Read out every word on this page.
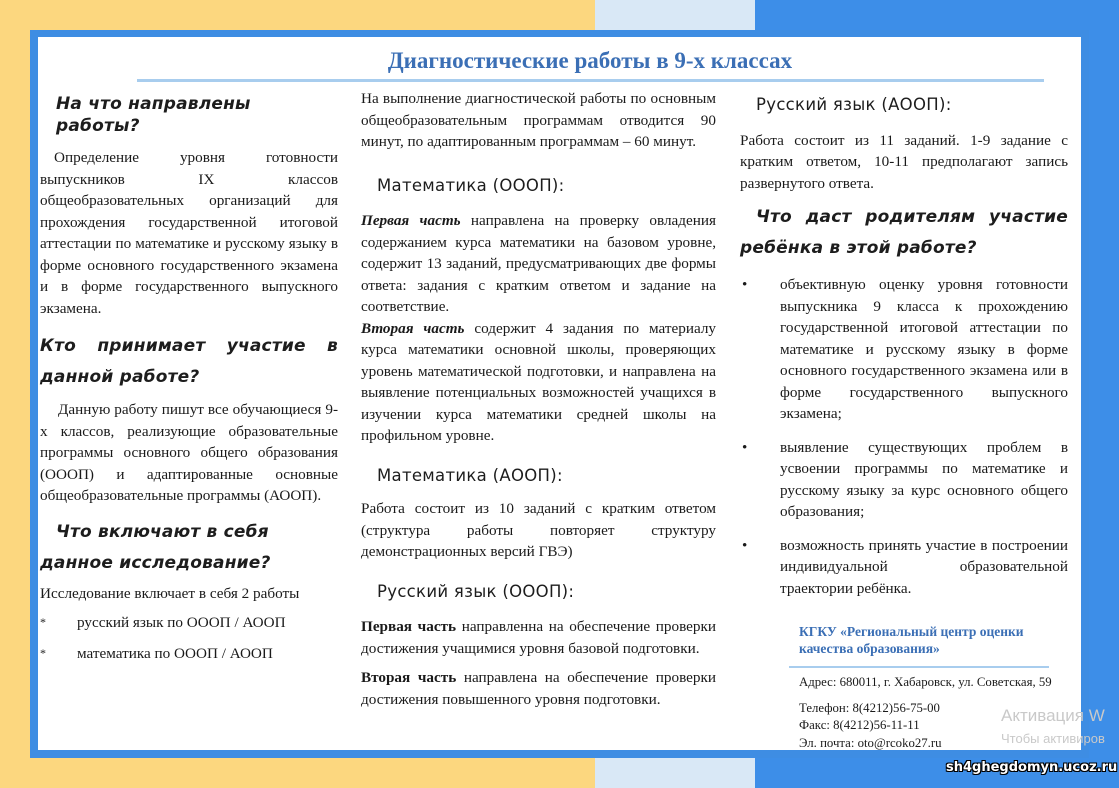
Диагностические работы в 9-х классах
На что направлены работы?

Определение уровня готовности выпускников IX классов общеобразовательных организаций для прохождения государственной итоговой аттестации по математике и русскому языку в форме основного государственного экзамена и в форме государственного выпускного экзамена.

Кто принимает участие в данной работе?

Данную работу пишут все обучающиеся 9-х классов, реализующие образовательные программы основного общего образования (ОООП) и адаптированные основные общеобразовательные программы (АООП).

Что включают в себя данное исследование?

Исследование включает в себя 2 работы

* русский язык по ОООП / АООП
* математика по ОООП / АООП

На выполнение диагностической работы по основным общеобразовательным программам отводится 90 минут, по адаптированным программам – 60 минут.

Математика (ОООП):

Первая часть направлена на проверку овладения содержанием курса математики на базовом уровне, содержит 13 заданий, предусматривающих две формы ответа: задания с кратким ответом и задание на соответствие.

Вторая часть содержит 4 задания по материалу курса математики основной школы, проверяющих уровень математической подготовки, и направлена на выявление потенциальных возможностей учащихся в изучении курса математики средней школы на профильном уровне.

Математика (АООП):

Работа состоит из 10 заданий с кратким ответом (структура работы повторяет структуру демонстрационных версий ГВЭ)

Русский язык (ОООП):

Первая часть направленна на обеспечение проверки достижения учащимися уровня базовой подготовки.

Вторая часть направлена на обеспечение проверки достижения повышенного уровня подготовки.

Русский язык (АООП):

Работа состоит из 11 заданий. 1-9 задание с кратким ответом, 10-11 предполагают запись развернутого ответа.

Что даст родителям участие ребёнка в этой работе?
• объективную оценку уровня готовности выпускника 9 класса к прохождению государственной итоговой аттестации по математике и русскому языку в форме основного государственного экзамена или в форме государственного выпускного экзамена;
• выявление существующих проблем в усвоении программы по математике и русскому языку за курс основного общего образования;
• возможность принять участие в построении индивидуальной образовательной траектории ребёнка.
КГКУ «Региональный центр оценки
качества образования»
Адрес: 680011, г. Хабаровск, ул. Советская, 59
Телефон: 8(4212)56-75-00
Факс: 8(4212)56-11-11
Эл. почта: oto@rcoko27.ru
Активация W
Чтобы активиров
sh4ghegdomyn.ucoz.ru
